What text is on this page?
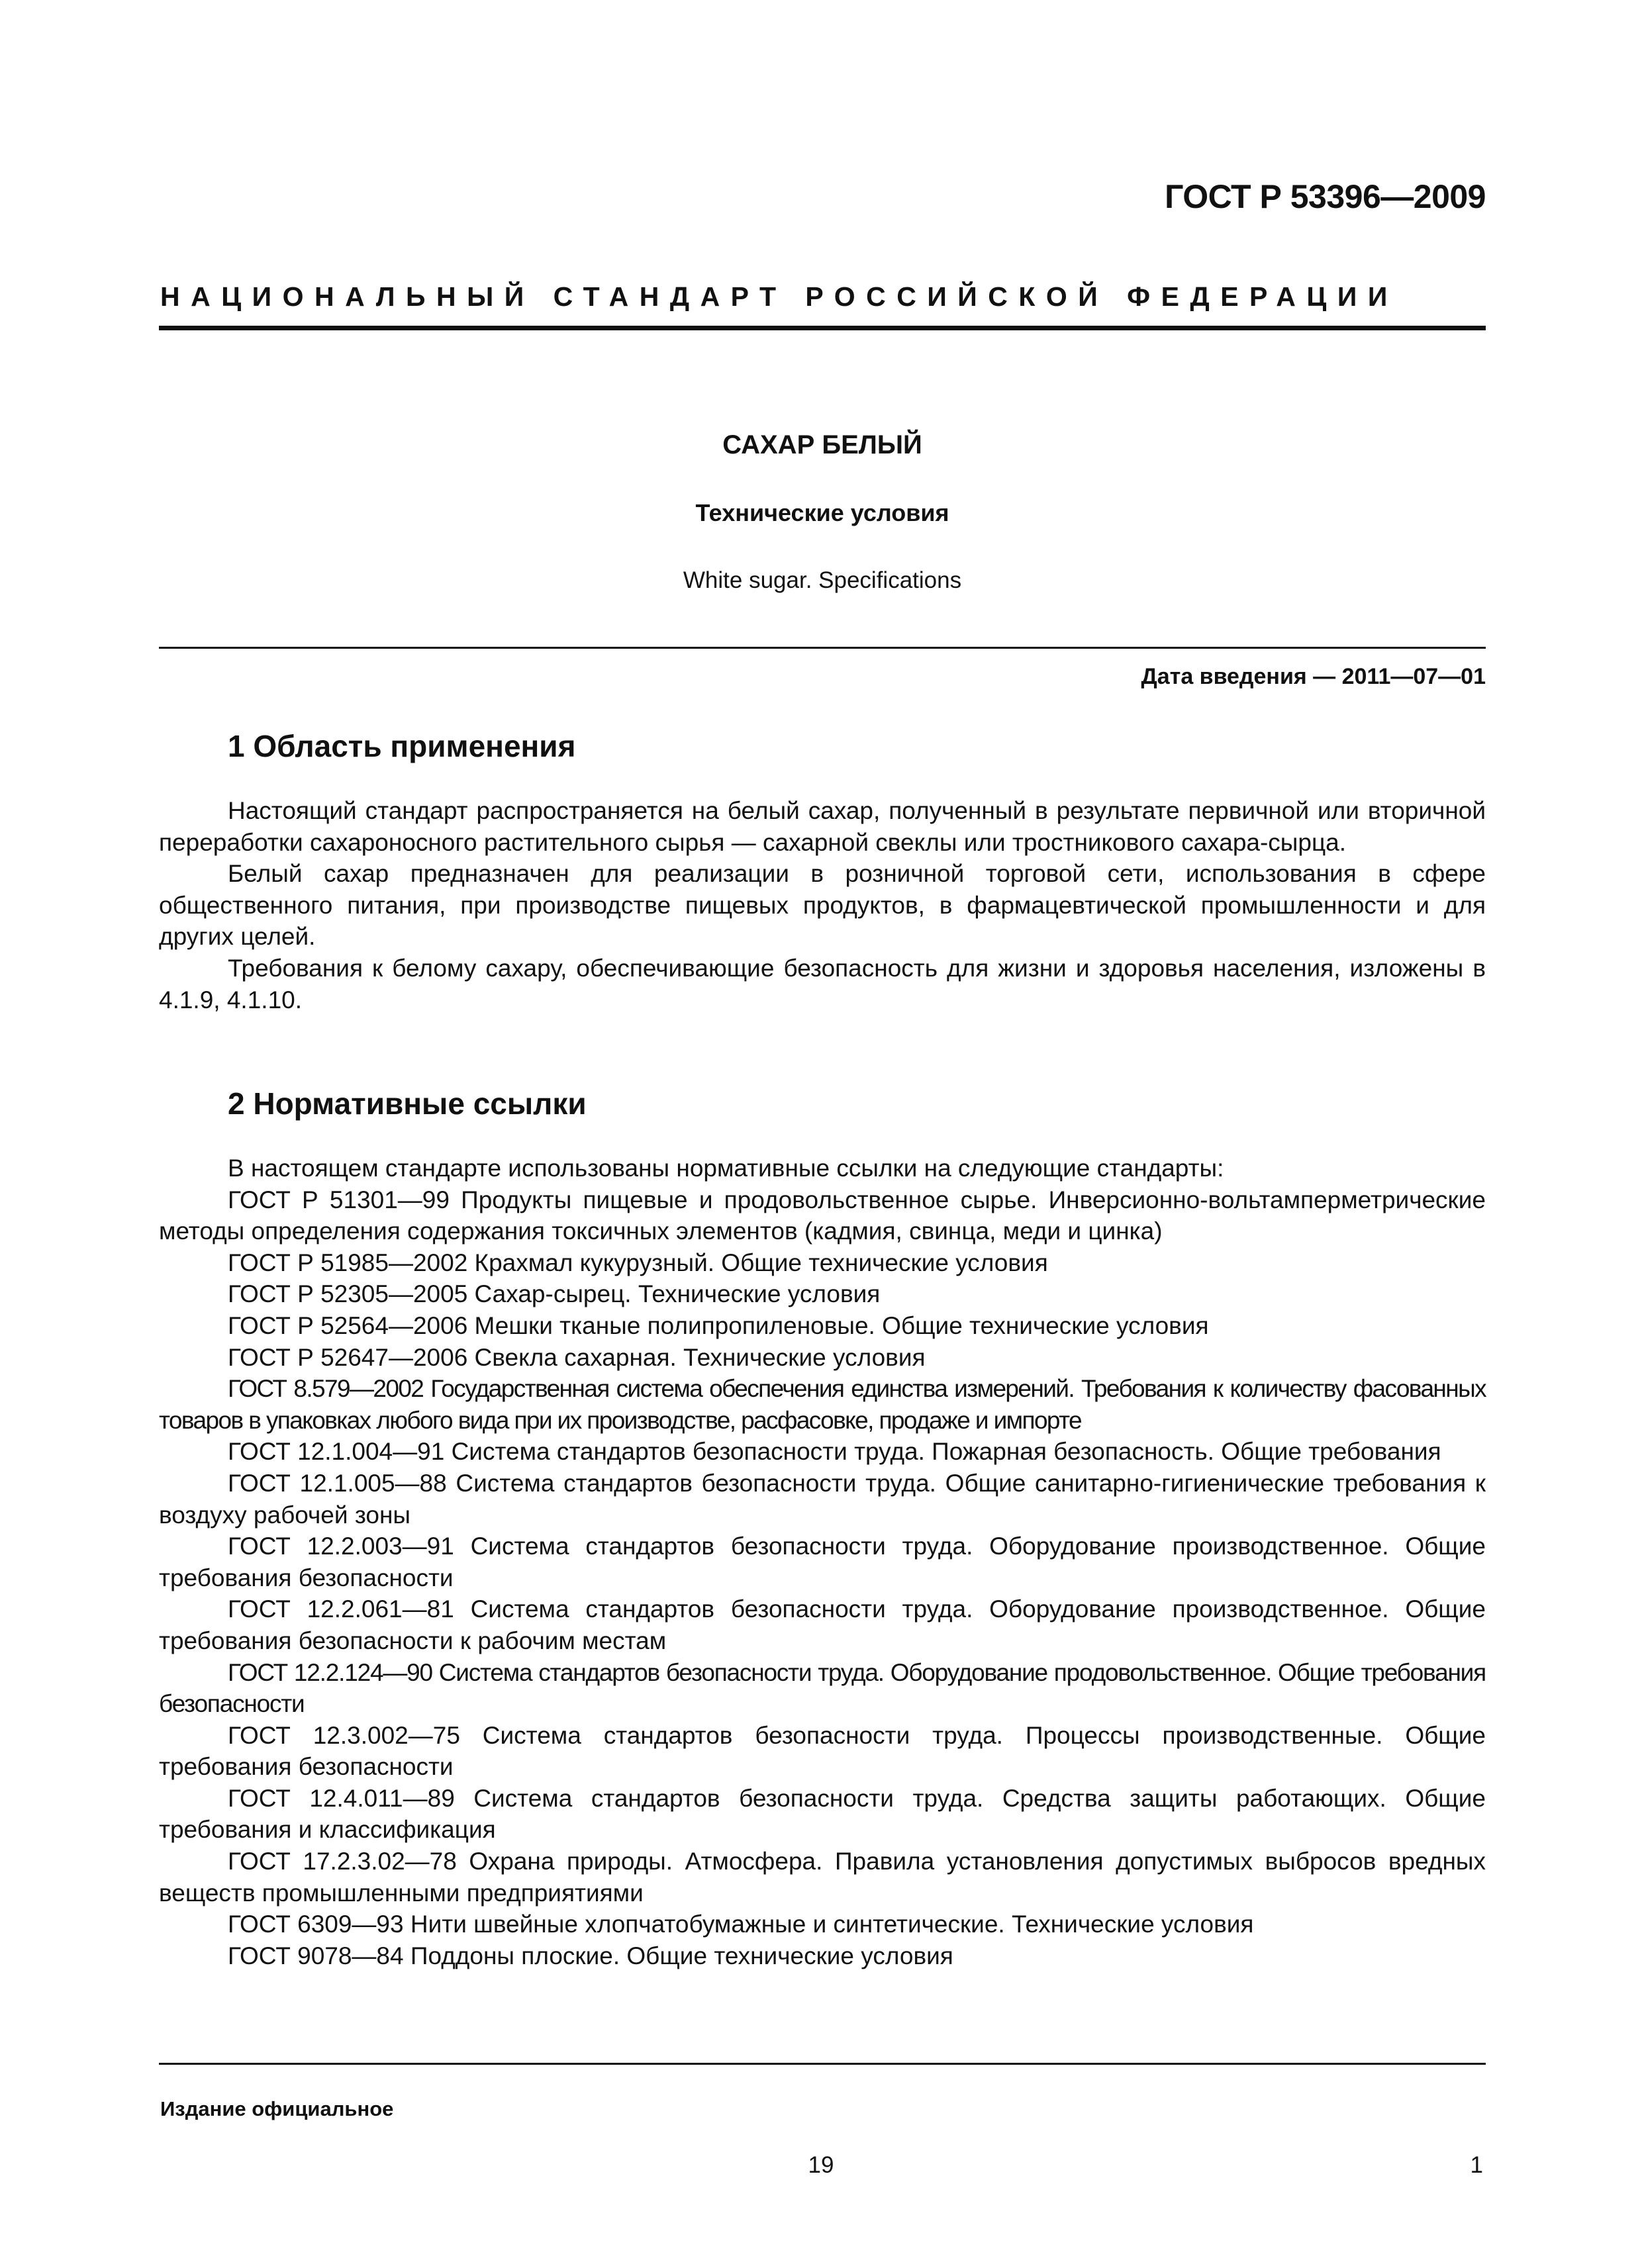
ГОСТ Р 53396—2009
НАЦИОНАЛЬНЫЙ СТАНДАРТ РОССИЙСКОЙ ФЕДЕРАЦИИ
САХАР БЕЛЫЙ
Технические условия
White sugar. Specifications
Дата введения — 2011—07—01
1 Область применения

Настоящий стандарт распространяется на белый сахар, полученный в результате первичной или вторичной переработки сахароносного растительного сырья — сахарной свеклы или тростникового сахара-сырца.

Белый сахар предназначен для реализации в розничной торговой сети, использования в сфере общественного питания, при производстве пищевых продуктов, в фармацевтической промышленности и для других целей.

Требования к белому сахару, обеспечивающие безопасность для жизни и здоровья населения, изложены в 4.1.9, 4.1.10.

2 Нормативные ссылки

В настоящем стандарте использованы нормативные ссылки на следующие стандарты:

ГОСТ Р 51301—99 Продукты пищевые и продовольственное сырье. Инверсионно-вольтамперметрические методы определения содержания токсичных элементов (кадмия, свинца, меди и цинка)

ГОСТ Р 51985—2002 Крахмал кукурузный. Общие технические условия

ГОСТ Р 52305—2005 Сахар-сырец. Технические условия

ГОСТ Р 52564—2006 Мешки тканые полипропиленовые. Общие технические условия

ГОСТ Р 52647—2006 Свекла сахарная. Технические условия

ГОСТ 8.579—2002 Государственная система обеспечения единства измерений. Требования к количеству фасованных товаров в упаковках любого вида при их производстве, расфасовке, продаже и импорте

ГОСТ 12.1.004—91 Система стандартов безопасности труда. Пожарная безопасность. Общие требования

ГОСТ 12.1.005—88 Система стандартов безопасности труда. Общие санитарно-гигиенические требования к воздуху рабочей зоны

ГОСТ 12.2.003—91 Система стандартов безопасности труда. Оборудование производственное. Общие требования безопасности

ГОСТ 12.2.061—81 Система стандартов безопасности труда. Оборудование производственное. Общие требования безопасности к рабочим местам

ГОСТ 12.2.124—90 Система стандартов безопасности труда. Оборудование продовольственное. Общие требования безопасности

ГОСТ 12.3.002—75 Система стандартов безопасности труда. Процессы производственные. Общие требования безопасности

ГОСТ 12.4.011—89 Система стандартов безопасности труда. Средства защиты работающих. Общие требования и классификация

ГОСТ 17.2.3.02—78 Охрана природы. Атмосфера. Правила установления допустимых выбросов вредных веществ промышленными предприятиями

ГОСТ 6309—93 Нити швейные хлопчатобумажные и синтетические. Технические условия

ГОСТ 9078—84 Поддоны плоские. Общие технические условия

Издание официальное
19	1
